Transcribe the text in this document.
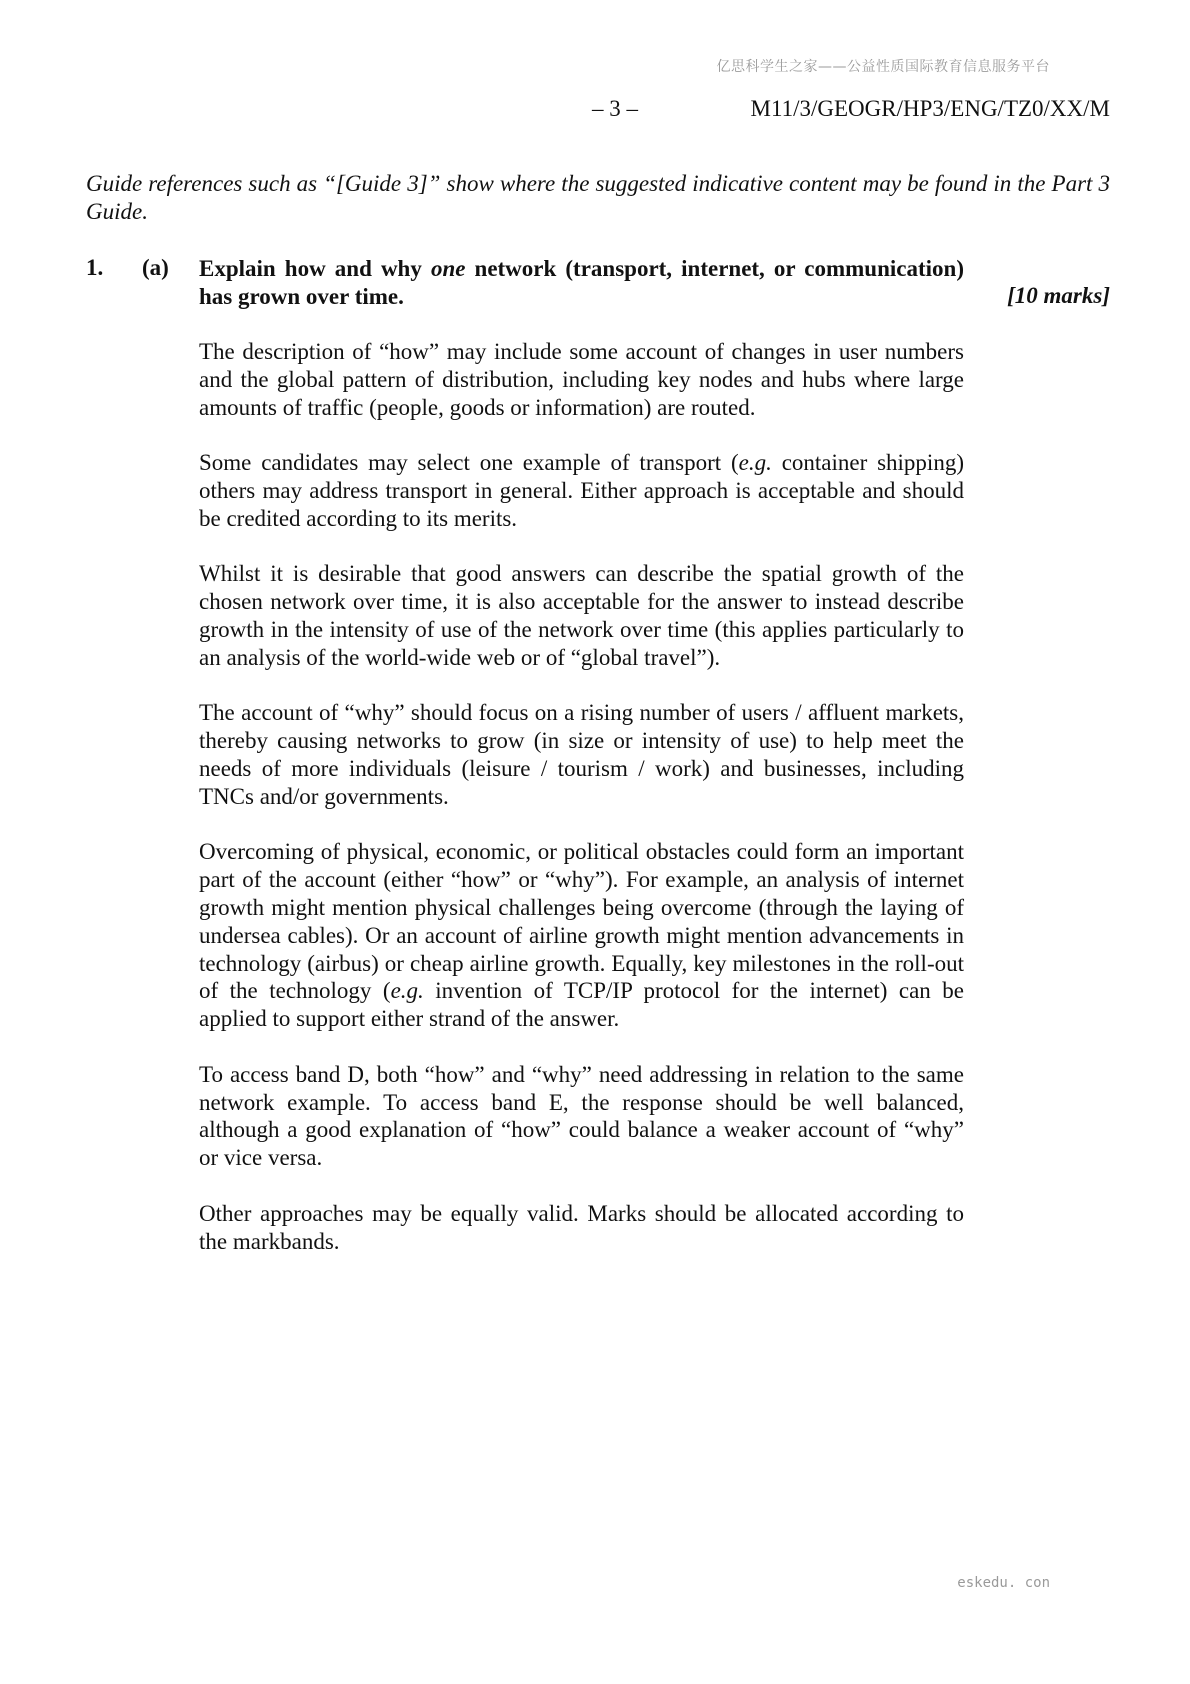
亿思科学生之家——公益性质国际教育信息服务平台
– 3 –	M11/3/GEOGR/HP3/ENG/TZ0/XX/M
Guide references such as “[Guide 3]” show where the suggested indicative content may be found in the Part 3 Guide.
1. (a) Explain how and why one network (transport, internet, or communication) has grown over time.	[10 marks]

The description of “how” may include some account of changes in user numbers and the global pattern of distribution, including key nodes and hubs where large amounts of traffic (people, goods or information) are routed.

Some candidates may select one example of transport (e.g. container shipping) others may address transport in general. Either approach is acceptable and should be credited according to its merits.

Whilst it is desirable that good answers can describe the spatial growth of the chosen network over time, it is also acceptable for the answer to instead describe growth in the intensity of use of the network over time (this applies particularly to an analysis of the world-wide web or of “global travel”).

The account of “why” should focus on a rising number of users / affluent markets, thereby causing networks to grow (in size or intensity of use) to help meet the needs of more individuals (leisure / tourism / work) and businesses, including TNCs and/or governments.

Overcoming of physical, economic, or political obstacles could form an important part of the account (either “how” or “why”). For example, an analysis of internet growth might mention physical challenges being overcome (through the laying of undersea cables). Or an account of airline growth might mention advancements in technology (airbus) or cheap airline growth. Equally, key milestones in the roll-out of the technology (e.g. invention of TCP/IP protocol for the internet) can be applied to support either strand of the answer.

To access band D, both “how” and “why” need addressing in relation to the same network example. To access band E, the response should be well balanced, although a good explanation of “how” could balance a weaker account of “why” or vice versa.

Other approaches may be equally valid. Marks should be allocated according to the markbands.

eskedu. con
